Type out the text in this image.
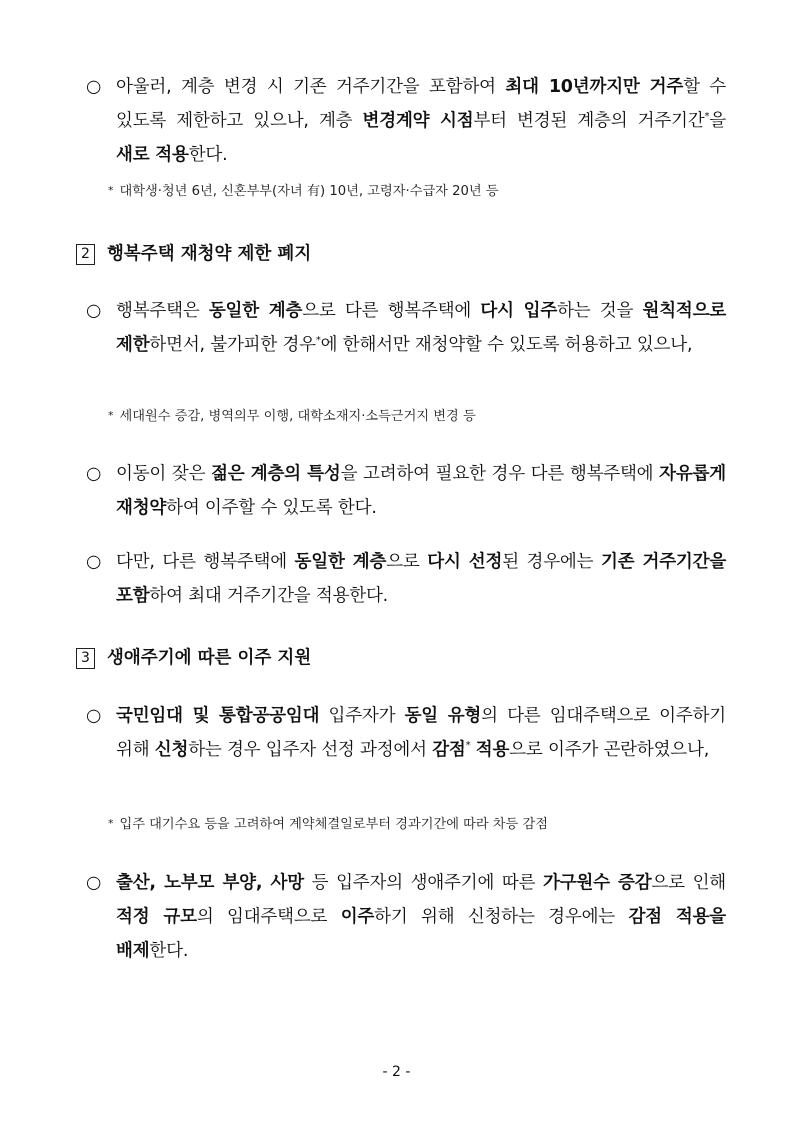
○ 아울러, 계층 변경 시 기존 거주기간을 포함하여 최대 10년까지만 거주할 수 있도록 제한하고 있으나, 계층 변경계약 시점부터 변경된 계층의 거주기간*을 새로 적용한다.
* 대학생·청년 6년, 신혼부부(자녀 有) 10년, 고령자·수급자 20년 등
2 행복주택 재청약 제한 폐지
○ 행복주택은 동일한 계층으로 다른 행복주택에 다시 입주하는 것을 원칙적으로 제한하면서, 불가피한 경우*에 한해서만 재청약할 수 있도록 허용하고 있으나,
* 세대원수 증감, 병역의무 이행, 대학소재지·소득근거지 변경 등
○ 이동이 잦은 젊은 계층의 특성을 고려하여 필요한 경우 다른 행복주택에 자유롭게 재청약하여 이주할 수 있도록 한다.
○ 다만, 다른 행복주택에 동일한 계층으로 다시 선정된 경우에는 기존 거주기간을 포함하여 최대 거주기간을 적용한다.
3 생애주기에 따른 이주 지원
○ 국민임대 및 통합공공임대 입주자가 동일 유형의 다른 임대주택으로 이주하기 위해 신청하는 경우 입주자 선정 과정에서 감점* 적용으로 이주가 곤란하였으나,
* 입주 대기수요 등을 고려하여 계약체결일로부터 경과기간에 따라 차등 감점
○ 출산, 노부모 부양, 사망 등 입주자의 생애주기에 따른 가구원수 증감으로 인해 적정 규모의 임대주택으로 이주하기 위해 신청하는 경우에는 감점 적용을 배제한다.
- 2 -
